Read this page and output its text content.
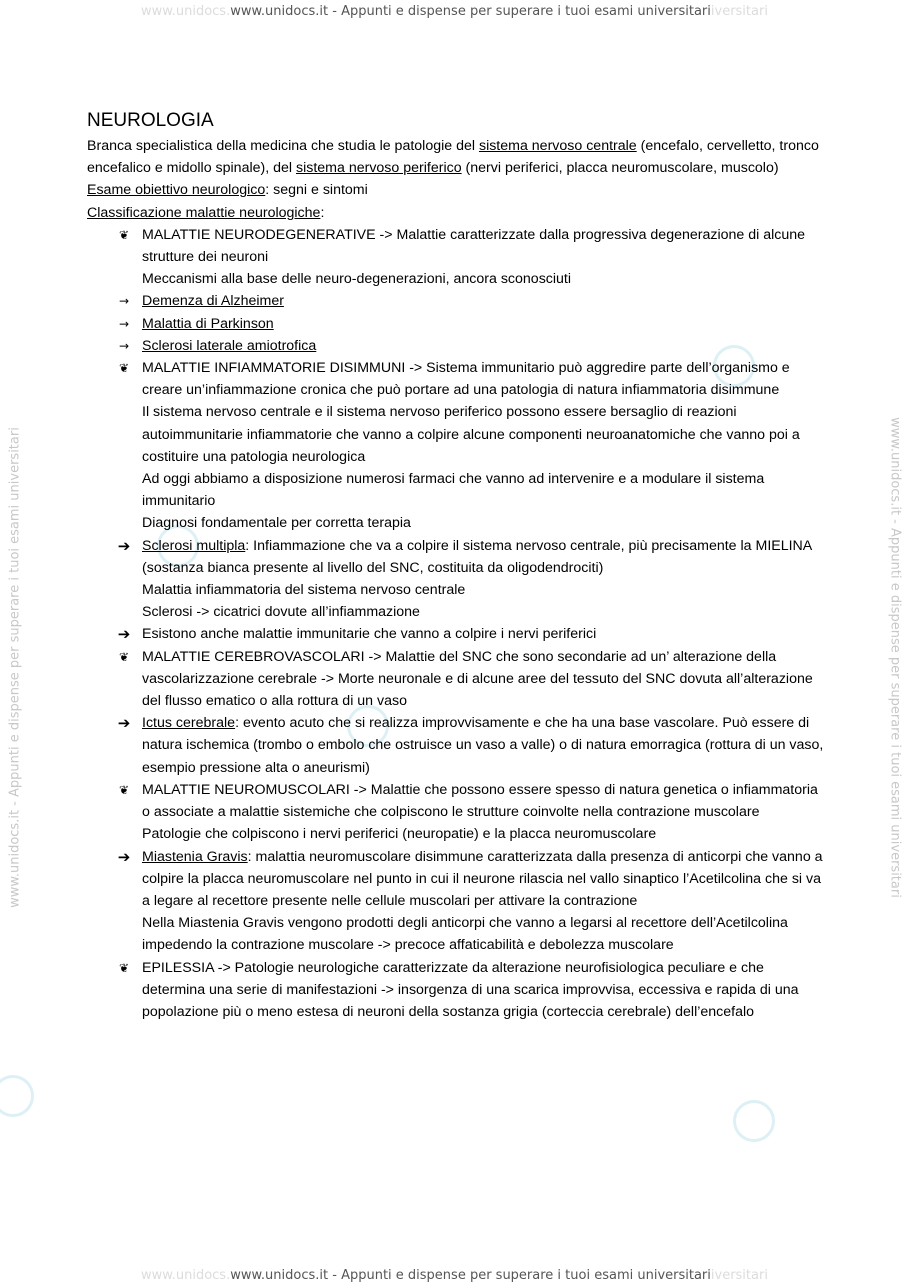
www.unidocs.www.unidocs.it - Appunti e dispense per superare i tuoi esami universitariiversitari
www.unidocs.www.unidocs.it - Appunti e dispense per superare i tuoi esami universitariiversitari
www.unidocs.it - Appunti e dispense per superare i tuoi esami universitari	www.unidocs.it - Appunti e dispense per superare i tuoi esami universitari

NEUROLOGIA

Branca specialistica della medicina che studia le patologie del sistema nervoso centrale (encefalo, cervelletto, tronco encefalico e midollo spinale), del sistema nervoso periferico (nervi periferici, placca neuromuscolare, muscolo)

Esame obiettivo neurologico: segni e sintomi

Classificazione malattie neurologiche:

❦ MALATTIE NEURODEGENERATIVE -> Malattie caratterizzate dalla progressiva degenerazione di alcune strutture dei neuroni
Meccanismi alla base delle neuro-degenerazioni, ancora sconosciuti
→ Demenza di Alzheimer
→ Malattia di Parkinson
→ Sclerosi laterale amiotrofica
❦ MALATTIE INFIAMMATORIE DISIMMUNI -> Sistema immunitario può aggredire parte dell’organismo e creare un’infiammazione cronica che può portare ad una patologia di natura infiammatoria disimmune
Il sistema nervoso centrale e il sistema nervoso periferico possono essere bersaglio di reazioni autoimmunitarie infiammatorie che vanno a colpire alcune componenti neuroanatomiche che vanno poi a costituire una patologia neurologica
Ad oggi abbiamo a disposizione numerosi farmaci che vanno ad intervenire e a modulare il sistema immunitario
Diagnosi fondamentale per corretta terapia
➔ Sclerosi multipla: Infiammazione che va a colpire il sistema nervoso centrale, più precisamente la MIELINA (sostanza bianca presente al livello del SNC, costituita da oligodendrociti)
Malattia infiammatoria del sistema nervoso centrale
Sclerosi -> cicatrici dovute all’infiammazione
➔ Esistono anche malattie immunitarie che vanno a colpire i nervi periferici
❦ MALATTIE CEREBROVASCOLARI -> Malattie del SNC che sono secondarie ad un’ alterazione della vascolarizzazione cerebrale -> Morte neuronale e di alcune aree del tessuto del SNC dovuta all’alterazione del flusso ematico o alla rottura di un vaso
➔ Ictus cerebrale: evento acuto che si realizza improvvisamente e che ha una base vascolare. Può essere di natura ischemica (trombo o embolo che ostruisce un vaso a valle) o di natura emorragica (rottura di un vaso, esempio pressione alta o aneurismi)
❦ MALATTIE NEUROMUSCOLARI -> Malattie che possono essere spesso di natura genetica o infiammatoria o associate a malattie sistemiche che colpiscono le strutture coinvolte nella contrazione muscolare
Patologie che colpiscono i nervi periferici (neuropatie) e la placca neuromuscolare
➔ Miastenia Gravis: malattia neuromuscolare disimmune caratterizzata dalla presenza di anticorpi che vanno a colpire la placca neuromuscolare nel punto in cui il neurone rilascia nel vallo sinaptico l’Acetilcolina che si va a legare al recettore presente nelle cellule muscolari per attivare la contrazione
Nella Miastenia Gravis vengono prodotti degli anticorpi che vanno a legarsi al recettore dell’Acetilcolina impedendo la contrazione muscolare -> precoce affaticabilità e debolezza muscolare
❦ EPILESSIA -> Patologie neurologiche caratterizzate da alterazione neurofisiologica peculiare e che determina una serie di manifestazioni -> insorgenza di una scarica improvvisa, eccessiva e rapida di una popolazione più o meno estesa di neuroni della sostanza grigia (corteccia cerebrale) dell’encefalo
